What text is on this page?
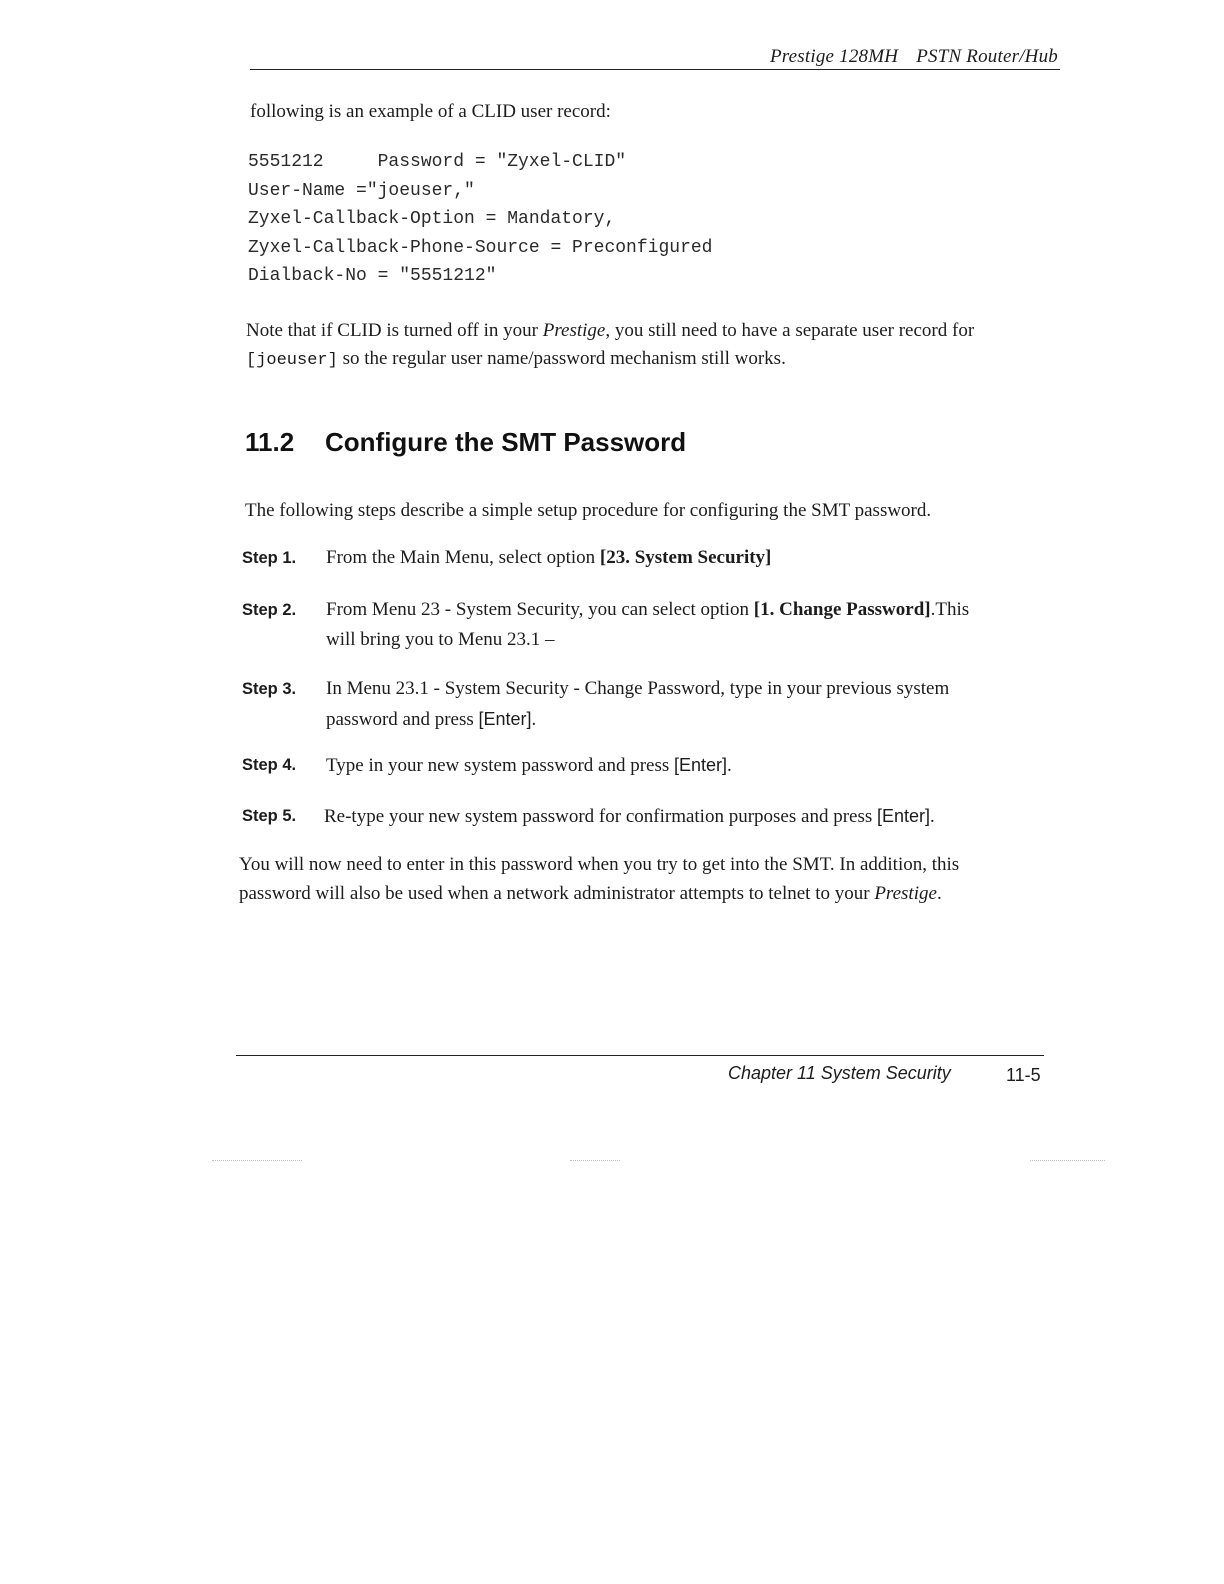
Prestige 128MH PSTN Router/Hub
following is an example of a CLID user record:
5551212     Password = "Zyxel-CLID"
User-Name ="joeuser,"
Zyxel-Callback-Option = Mandatory,
Zyxel-Callback-Phone-Source = Preconfigured
Dialback-No = "5551212"
Note that if CLID is turned off in your Prestige, you still need to have a separate user record for
[joeuser] so the regular user name/password mechanism still works.
11.2 Configure the SMT Password
The following steps describe a simple setup procedure for configuring the SMT password.
Step 1. From the Main Menu, select option [23. System Security]
Step 2. From Menu 23 - System Security, you can select option [1. Change Password].This
will bring you to Menu 23.1 –
Step 3. In Menu 23.1 - System Security - Change Password, type in your previous system
password and press [Enter].
Step 4. Type in your new system password and press [Enter].
Step 5. Re-type your new system password for confirmation purposes and press [Enter].
You will now need to enter in this password when you try to get into the SMT. In addition, this
password will also be used when a network administrator attempts to telnet to your Prestige.
Chapter 11 System Security	11-5
